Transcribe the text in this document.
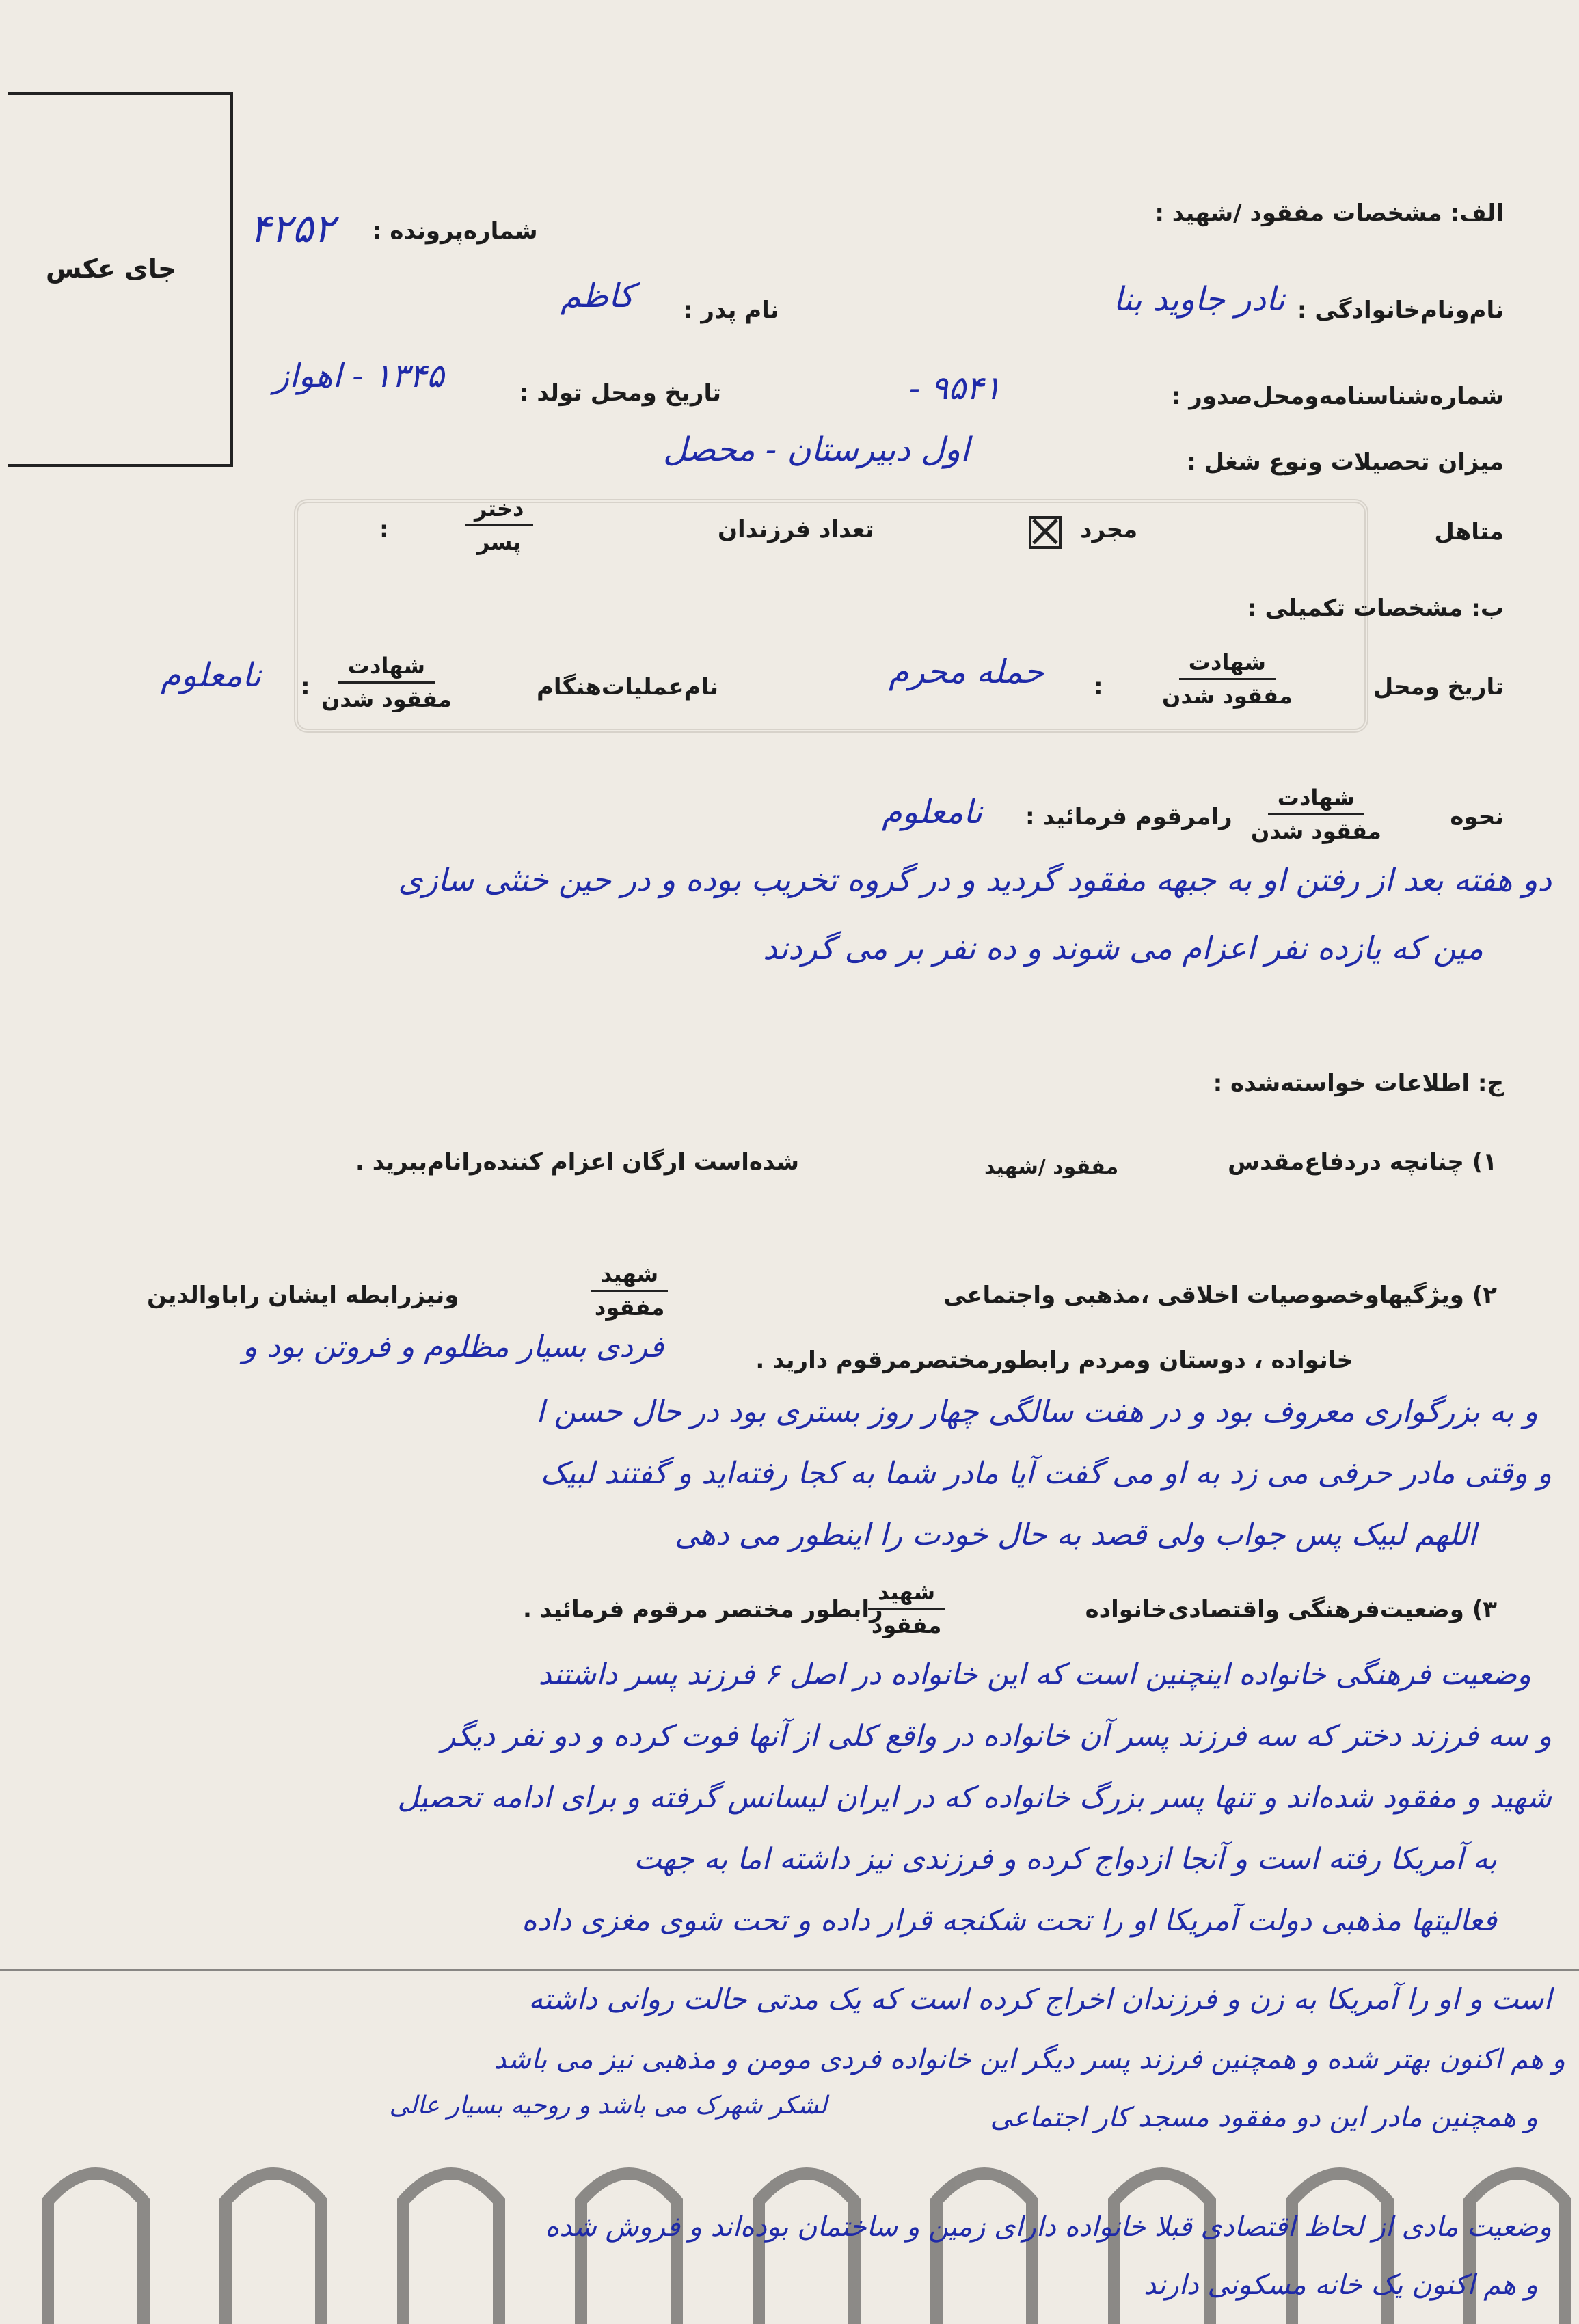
جای عکس
۴۲۵۲ شماره‌پرونده :
الف: مشخصات مفقود /شهید :
نام‌ونام‌خانوادگی :
نادر جاوید بنا
نام پدر :
کاظم
شماره‌شناسنامه‌ومحل‌صدور :
۹۵۴۱ -
تاریخ ومحل تولد :
۱۳۴۵ - اهواز
میزان تحصیلات ونوع شغل :
اول دبیرستان - محصل
متاهل
مجرد
تعداد فرزندان
دختر
پسر
:
ب: مشخصات تکمیلی :
تاریخ ومحل
شهادت
مفقود شدن
:
حمله محرم
نام‌عملیات‌هنگام
شهادت
مفقود شدن
:
نامعلوم
نحوه
شهادت
مفقود شدن
رامرقوم فرمائید :
نامعلوم
دو هفته بعد از رفتن او به جبهه مفقود گردید و در گروه تخریب بوده و در حین خنثی سازی
مین که یازده نفر اعزام می شوند و ده نفر بر می گردند
ج: اطلاعات خواسته‌شده :
۱) چنانچه دردفاع‌مقدس
مفقود /شهید
شده‌است ارگان اعزام کننده‌رانام‌ببرید .
۲) ویژگیهاوخصوصیات اخلاقی ،مذهبی واجتماعی
شهید
مفقود
ونیزرابطه ایشان راباوالدین
خانواده ، دوستان ومردم رابطورمختصرمرقوم دارید .
فردی بسیار مظلوم و فروتن بود و
و به بزرگواری معروف بود و در هفت سالگی چهار روز بستری بود در حال حسن ا
و وقتی مادر حرفی می زد به او می گفت آیا مادر شما به کجا رفته‌اید و گفتند لبیک
اللهم لبیک پس جواب ولی قصد به حال خودت را اینطور می دهی
۳) وضعیت‌فرهنگی واقتصادی‌خانواده
شهید
مفقود
رابطور مختصر مرقوم فرمائید .
وضعیت فرهنگی خانواده اینچنین است که این خانواده در اصل ۶ فرزند پسر داشتند
و سه فرزند دختر که سه فرزند پسر آن خانواده در واقع کلی از آنها فوت کرده و دو نفر دیگر
شهید و مفقود شده‌اند و تنها پسر بزرگ خانواده که در ایران لیسانس گرفته و برای ادامه تحصیل
به آمریکا رفته است و آنجا ازدواج کرده و فرزندی نیز داشته اما به جهت
فعالیتها مذهبی دولت آمریکا او را تحت شکنجه قرار داده و تحت شوی مغزی داده
است و او را آمریکا به زن و فرزندان اخراج کرده است که یک مدتی حالت روانی داشته
و هم اکنون بهتر شده و همچنین فرزند پسر دیگر این خانواده فردی مومن و مذهبی نیز می باشد
و همچنین مادر این دو مفقود مسجد کار اجتماعی
لشکر شهرک می باشد و روحیه بسیار عالی
وضعیت مادی از لحاظ اقتصادی قبلا خانواده دارای زمین و ساختمان بوده‌اند و فروش شده
و هم اکنون یک خانه مسکونی دارند
